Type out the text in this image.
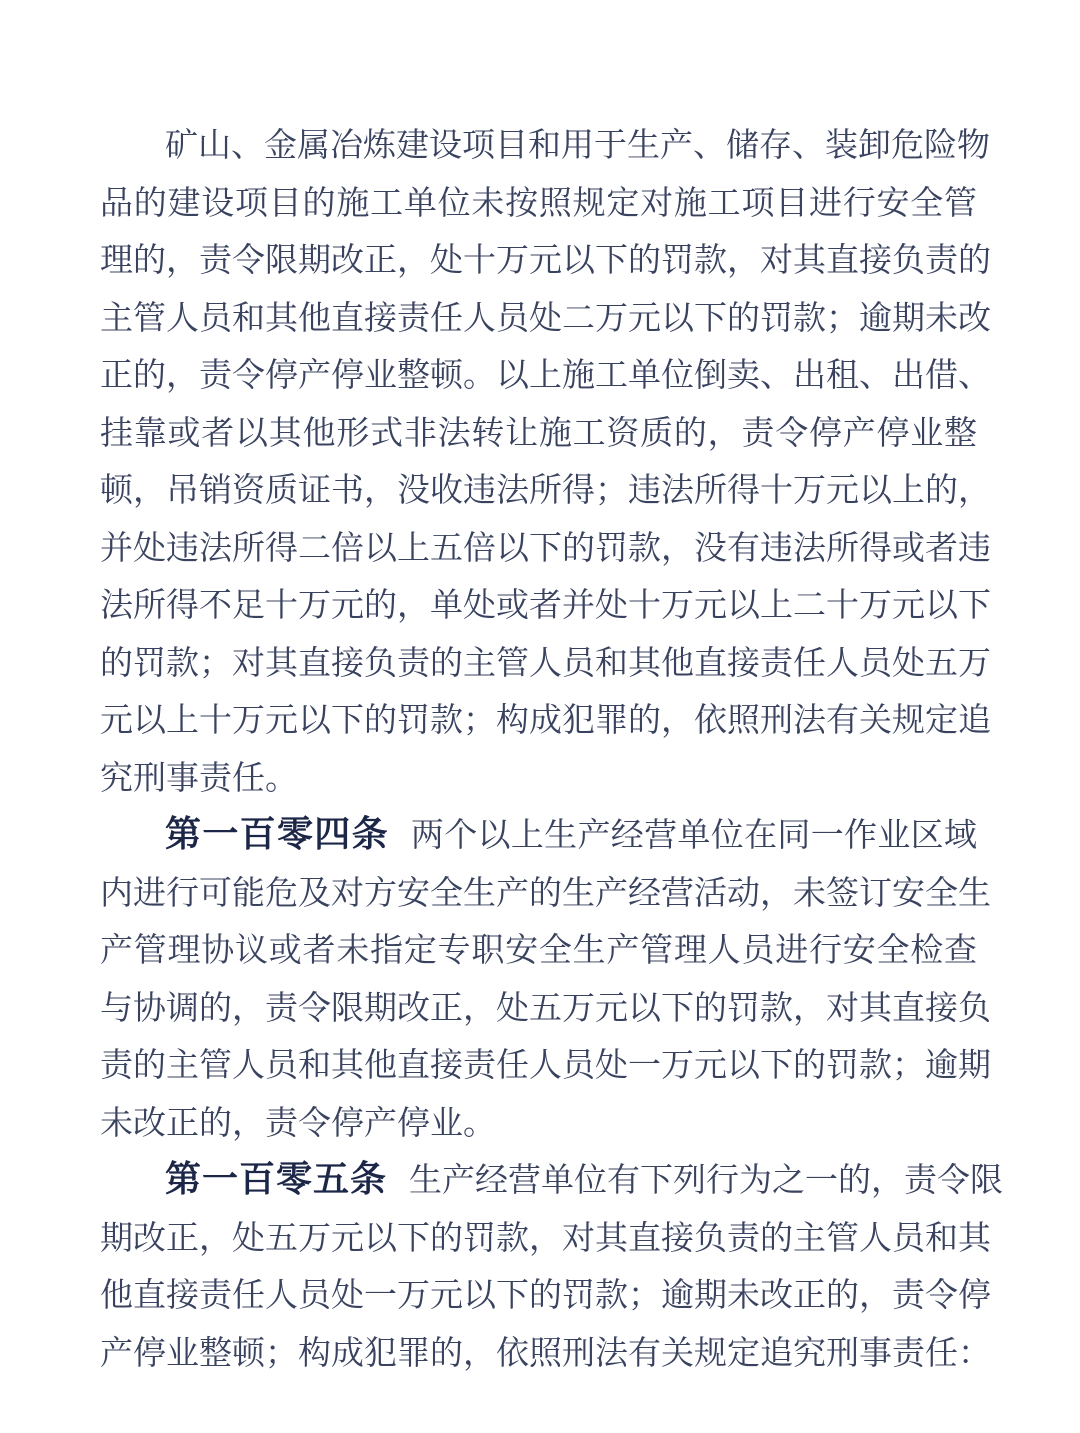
矿山、金属冶炼建设项目和用于生产、储存、装卸危险物
品的建设项目的施工单位未按照规定对施工项目进行安全管
理的，责令限期改正，处十万元以下的罚款，对其直接负责的
主管人员和其他直接责任人员处二万元以下的罚款；逾期未改
正的，责令停产停业整顿。以上施工单位倒卖、出租、出借、
挂靠或者以其他形式非法转让施工资质的，责令停产停业整
顿，吊销资质证书，没收违法所得；违法所得十万元以上的，
并处违法所得二倍以上五倍以下的罚款，没有违法所得或者违
法所得不足十万元的，单处或者并处十万元以上二十万元以下
的罚款；对其直接负责的主管人员和其他直接责任人员处五万
元以上十万元以下的罚款；构成犯罪的，依照刑法有关规定追
究刑事责任。
第一百零四条 两个以上生产经营单位在同一作业区域
内进行可能危及对方安全生产的生产经营活动，未签订安全生
产管理协议或者未指定专职安全生产管理人员进行安全检查
与协调的，责令限期改正，处五万元以下的罚款，对其直接负
责的主管人员和其他直接责任人员处一万元以下的罚款；逾期
未改正的，责令停产停业。
第一百零五条 生产经营单位有下列行为之一的，责令限
期改正，处五万元以下的罚款，对其直接负责的主管人员和其
他直接责任人员处一万元以下的罚款；逾期未改正的，责令停
产停业整顿；构成犯罪的，依照刑法有关规定追究刑事责任：
